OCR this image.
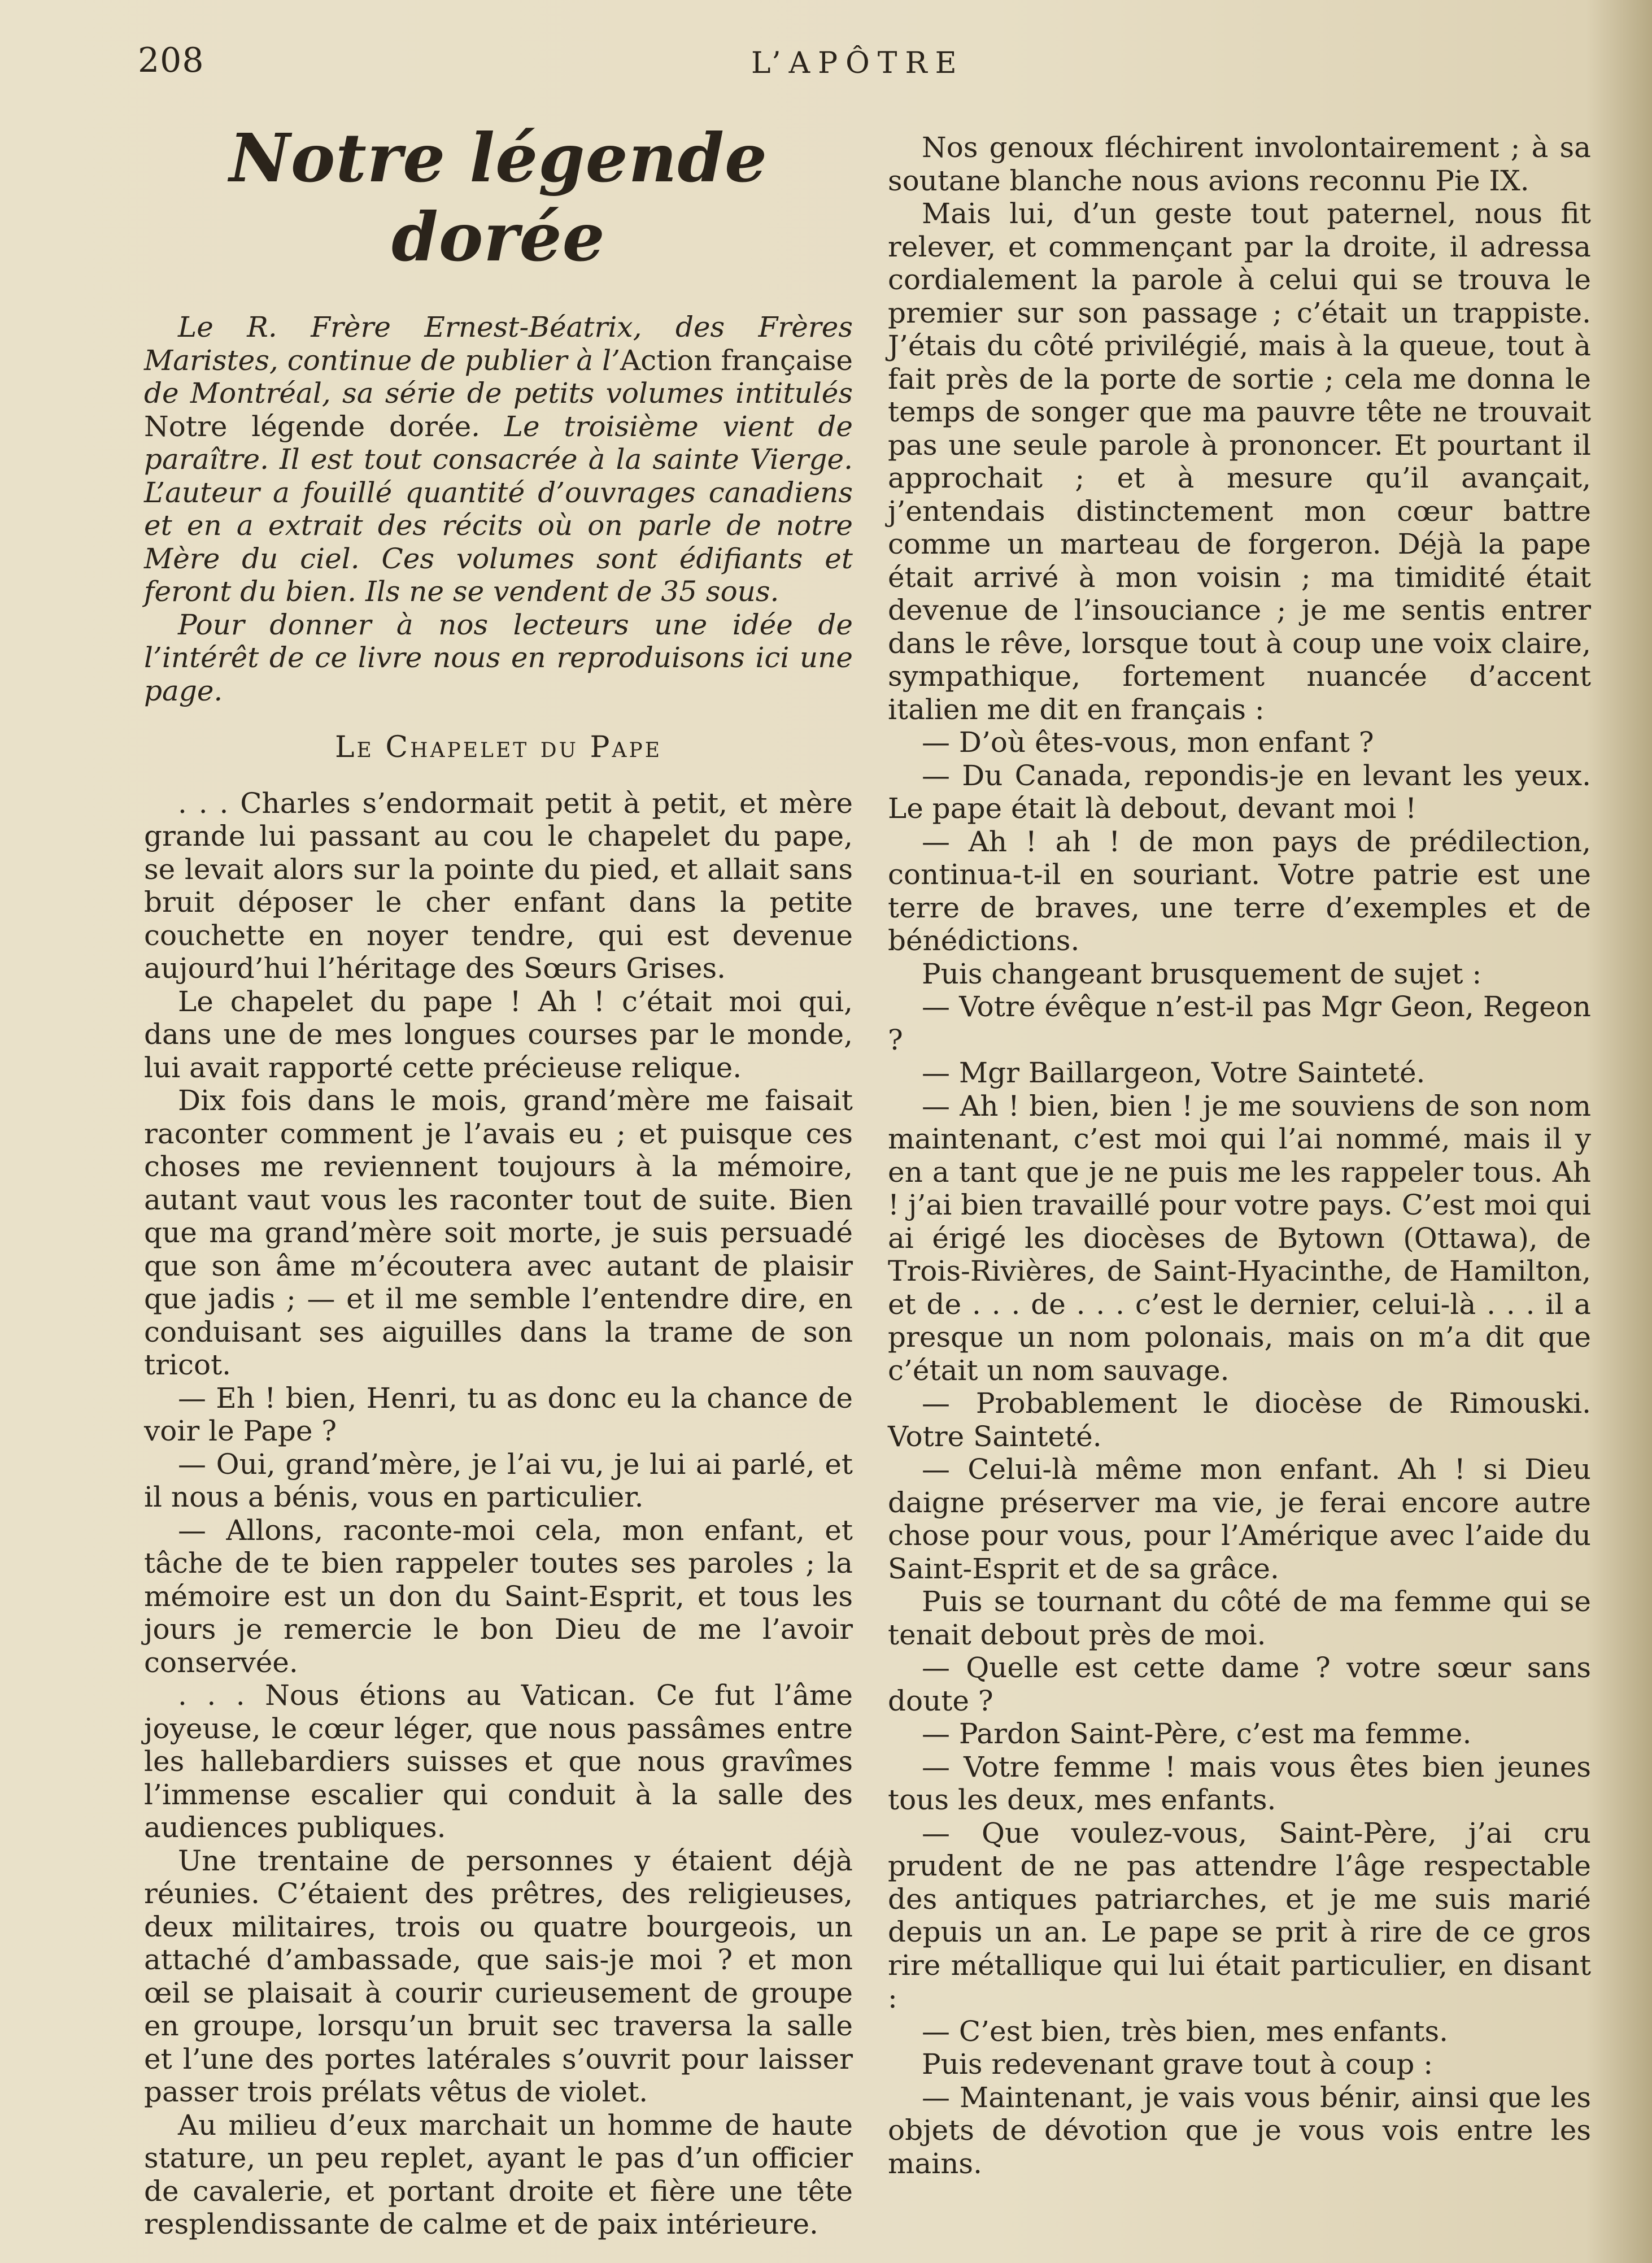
208	L’APÔTRE
Notre légende dorée

Le R. Frère Ernest-Béatrix, des Frères Maristes, continue de publier à l’Action française de Montréal, sa série de petits volumes intitulés Notre légende dorée. Le troisième vient de paraître. Il est tout consacrée à la sainte Vierge. L’auteur a fouillé quantité d’ouvrages canadiens et en a extrait des récits où on parle de notre Mère du ciel. Ces volumes sont édifiants et feront du bien. Ils ne se vendent de 35 sous.

Pour donner à nos lecteurs une idée de l’intérêt de ce livre nous en reproduisons ici une page.

Le Chapelet du Pape

. . . Charles s’endormait petit à petit, et mère grande lui passant au cou le chapelet du pape, se levait alors sur la pointe du pied, et allait sans bruit déposer le cher enfant dans la petite couchette en noyer tendre, qui est devenue aujourd’hui l’héritage des Sœurs Grises.

Le chapelet du pape ! Ah ! c’était moi qui, dans une de mes longues courses par le monde, lui avait rapporté cette précieuse relique.

Dix fois dans le mois, grand’mère me faisait raconter comment je l’avais eu ; et puisque ces choses me reviennent toujours à la mémoire, autant vaut vous les raconter tout de suite. Bien que ma grand’mère soit morte, je suis persuadé que son âme m’écoutera avec autant de plaisir que jadis ; — et il me semble l’entendre dire, en conduisant ses aiguilles dans la trame de son tricot.

— Eh ! bien, Henri, tu as donc eu la chance de voir le Pape ?

— Oui, grand’mère, je l’ai vu, je lui ai parlé, et il nous a bénis, vous en particulier.

— Allons, raconte-moi cela, mon enfant, et tâche de te bien rappeler toutes ses paroles ; la mémoire est un don du Saint-Esprit, et tous les jours je remercie le bon Dieu de me l’avoir conservée.

. . . Nous étions au Vatican. Ce fut l’âme joyeuse, le cœur léger, que nous passâmes entre les hallebardiers suisses et que nous gravîmes l’immense escalier qui conduit à la salle des audiences publiques.

Une trentaine de personnes y étaient déjà réunies. C’étaient des prêtres, des religieuses, deux militaires, trois ou quatre bourgeois, un attaché d’ambassade, que sais-je moi ? et mon œil se plaisait à courir curieusement de groupe en groupe, lorsqu’un bruit sec traversa la salle et l’une des portes latérales s’ouvrit pour laisser passer trois prélats vêtus de violet.

Au milieu d’eux marchait un homme de haute stature, un peu replet, ayant le pas d’un officier de cavalerie, et portant droite et fière une tête resplendissante de calme et de paix intérieure.

Nos genoux fléchirent involontairement ; à sa soutane blanche nous avions reconnu Pie IX.

Mais lui, d’un geste tout paternel, nous fit relever, et commençant par la droite, il adressa cordialement la parole à celui qui se trouva le premier sur son passage ; c’était un trappiste. J’étais du côté privilégié, mais à la queue, tout à fait près de la porte de sortie ; cela me donna le temps de songer que ma pauvre tête ne trouvait pas une seule parole à prononcer. Et pourtant il approchait ; et à mesure qu’il avançait, j’entendais distinctement mon cœur battre comme un marteau de forgeron. Déjà la pape était arrivé à mon voisin ; ma timidité était devenue de l’insouciance ; je me sentis entrer dans le rêve, lorsque tout à coup une voix claire, sympathique, fortement nuancée d’accent italien me dit en français :

— D’où êtes-vous, mon enfant ?

— Du Canada, repondis-je en levant les yeux. Le pape était là debout, devant moi !

— Ah ! ah ! de mon pays de prédilection, continua-t-il en souriant. Votre patrie est une terre de braves, une terre d’exemples et de bénédictions.

Puis changeant brusquement de sujet :

— Votre évêque n’est-il pas Mgr Geon, Regeon ?

— Mgr Baillargeon, Votre Sainteté.

— Ah ! bien, bien ! je me souviens de son nom maintenant, c’est moi qui l’ai nommé, mais il y en a tant que je ne puis me les rappeler tous. Ah ! j’ai bien travaillé pour votre pays. C’est moi qui ai érigé les diocèses de Bytown (Ottawa), de Trois-Rivières, de Saint-Hyacinthe, de Hamilton, et de . . . de . . . c’est le dernier, celui-là . . . il a presque un nom polonais, mais on m’a dit que c’était un nom sauvage.

— Probablement le diocèse de Rimouski. Votre Sainteté.

— Celui-là même mon enfant. Ah ! si Dieu daigne préserver ma vie, je ferai encore autre chose pour vous, pour l’Amérique avec l’aide du Saint-Esprit et de sa grâce.

Puis se tournant du côté de ma femme qui se tenait debout près de moi.

— Quelle est cette dame ? votre sœur sans doute ?

— Pardon Saint-Père, c’est ma femme.

— Votre femme ! mais vous êtes bien jeunes tous les deux, mes enfants.

— Que voulez-vous, Saint-Père, j’ai cru prudent de ne pas attendre l’âge respectable des antiques patriarches, et je me suis marié depuis un an. Le pape se prit à rire de ce gros rire métallique qui lui était particulier, en disant :

— C’est bien, très bien, mes enfants.

Puis redevenant grave tout à coup :

— Maintenant, je vais vous bénir, ainsi que les objets de dévotion que je vous vois entre les mains.
